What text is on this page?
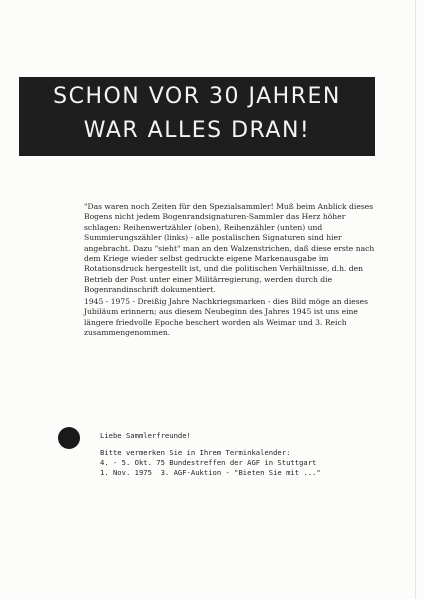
SCHON VOR 30 JAHREN
WAR ALLES DRAN!

"Das waren noch Zeiten für den Spezialsammler! Muß beim Anblick dieses Bogens nicht jedem Bogenrandsignaturen-Sammler das Herz höher schlagen: Reihenwertzähler (oben), Reihenzähler (unten) und Summierungszähler (links) - alle postalischen Signaturen sind hier angebracht. Dazu "sieht" man an den Walzenstrichen, daß diese erste nach dem Kriege wieder selbst gedruckte eigene Markenausgabe im Rotationsdruck hergestellt ist, und die politischen Verhältnisse, d.h. den Betrieb der Post unter einer Militärregierung, werden durch die Bogenrandinschrift dokumentiert.

1945 - 1975 - Dreißig Jahre Nachkriegsmarken - dies Bild möge an dieses Jubiläum erinnern; aus diesem Neubeginn des Jahres 1945 ist uns eine längere friedvolle Epoche beschert worden als Weimar und 3. Reich zusammengenommen.

Liebe Sammlerfreunde!
Bitte vermerken Sie in Ihrem Terminkalender:
4. - 5. Okt. 75 Bundestreffen der AGF in Stuttgart
1. Nov. 1975  3. AGF-Auktion - "Bieten Sie mit ..."
